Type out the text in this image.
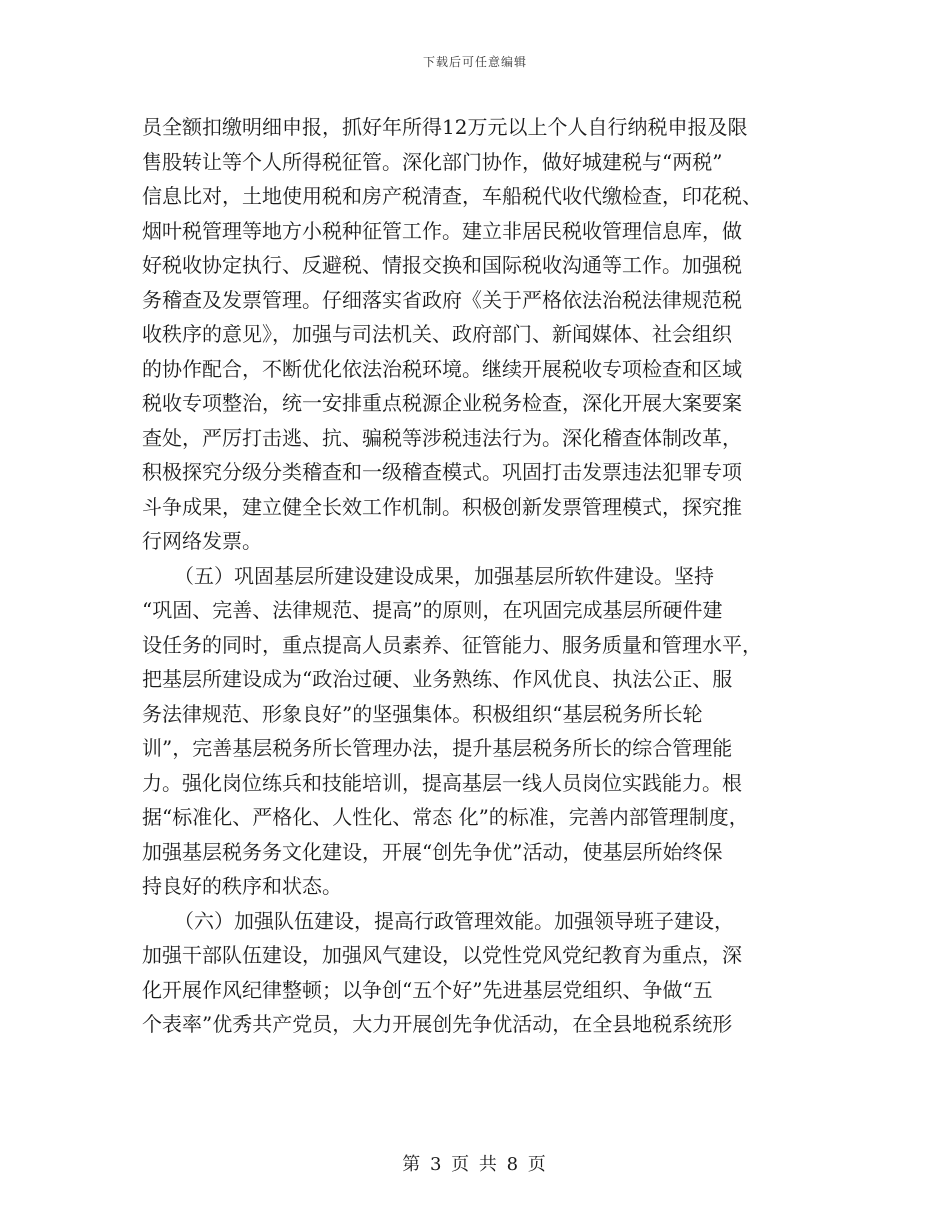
下载后可任意编辑
员全额扣缴明细申报，抓好年所得12万元以上个人自行纳税申报及限
售股转让等个人所得税征管。深化部门协作，做好城建税与“两税”
信息比对，土地使用税和房产税清查，车船税代收代缴检查，印花税、
烟叶税管理等地方小税种征管工作。建立非居民税收管理信息库，做
好税收协定执行、反避税、情报交换和国际税收沟通等工作。加强税
务稽查及发票管理。仔细落实省政府《关于严格依法治税法律规范税
收秩序的意见》，加强与司法机关、政府部门、新闻媒体、社会组织
的协作配合，不断优化依法治税环境。继续开展税收专项检查和区域
税收专项整治，统一安排重点税源企业税务检查，深化开展大案要案
查处，严厉打击逃、抗、骗税等涉税违法行为。深化稽查体制改革，
积极探究分级分类稽查和一级稽查模式。巩固打击发票违法犯罪专项
斗争成果，建立健全长效工作机制。积极创新发票管理模式，探究推
行网络发票。
（五）巩固基层所建设建设成果，加强基层所软件建设。坚持
“巩固、完善、法律规范、提高”的原则，在巩固完成基层所硬件建
设任务的同时，重点提高人员素养、征管能力、服务质量和管理水平，
把基层所建设成为“政治过硬、业务熟练、作风优良、执法公正、服
务法律规范、形象良好”的坚强集体。积极组织“基层税务所长轮
训”，完善基层税务所长管理办法，提升基层税务所长的综合管理能
力。强化岗位练兵和技能培训，提高基层一线人员岗位实践能力。根
据“标准化、严格化、人性化、常态 化”的标准，完善内部管理制度，
加强基层税务务文化建设，开展“创先争优”活动，使基层所始终保
持良好的秩序和状态。
（六）加强队伍建设，提高行政管理效能。加强领导班子建设，
加强干部队伍建设，加强风气建设，以党性党风党纪教育为重点，深
化开展作风纪律整顿；以争创“五个好”先进基层党组织、争做“五
个表率”优秀共产党员，大力开展创先争优活动，在全县地税系统形
第 3 页 共 8 页
